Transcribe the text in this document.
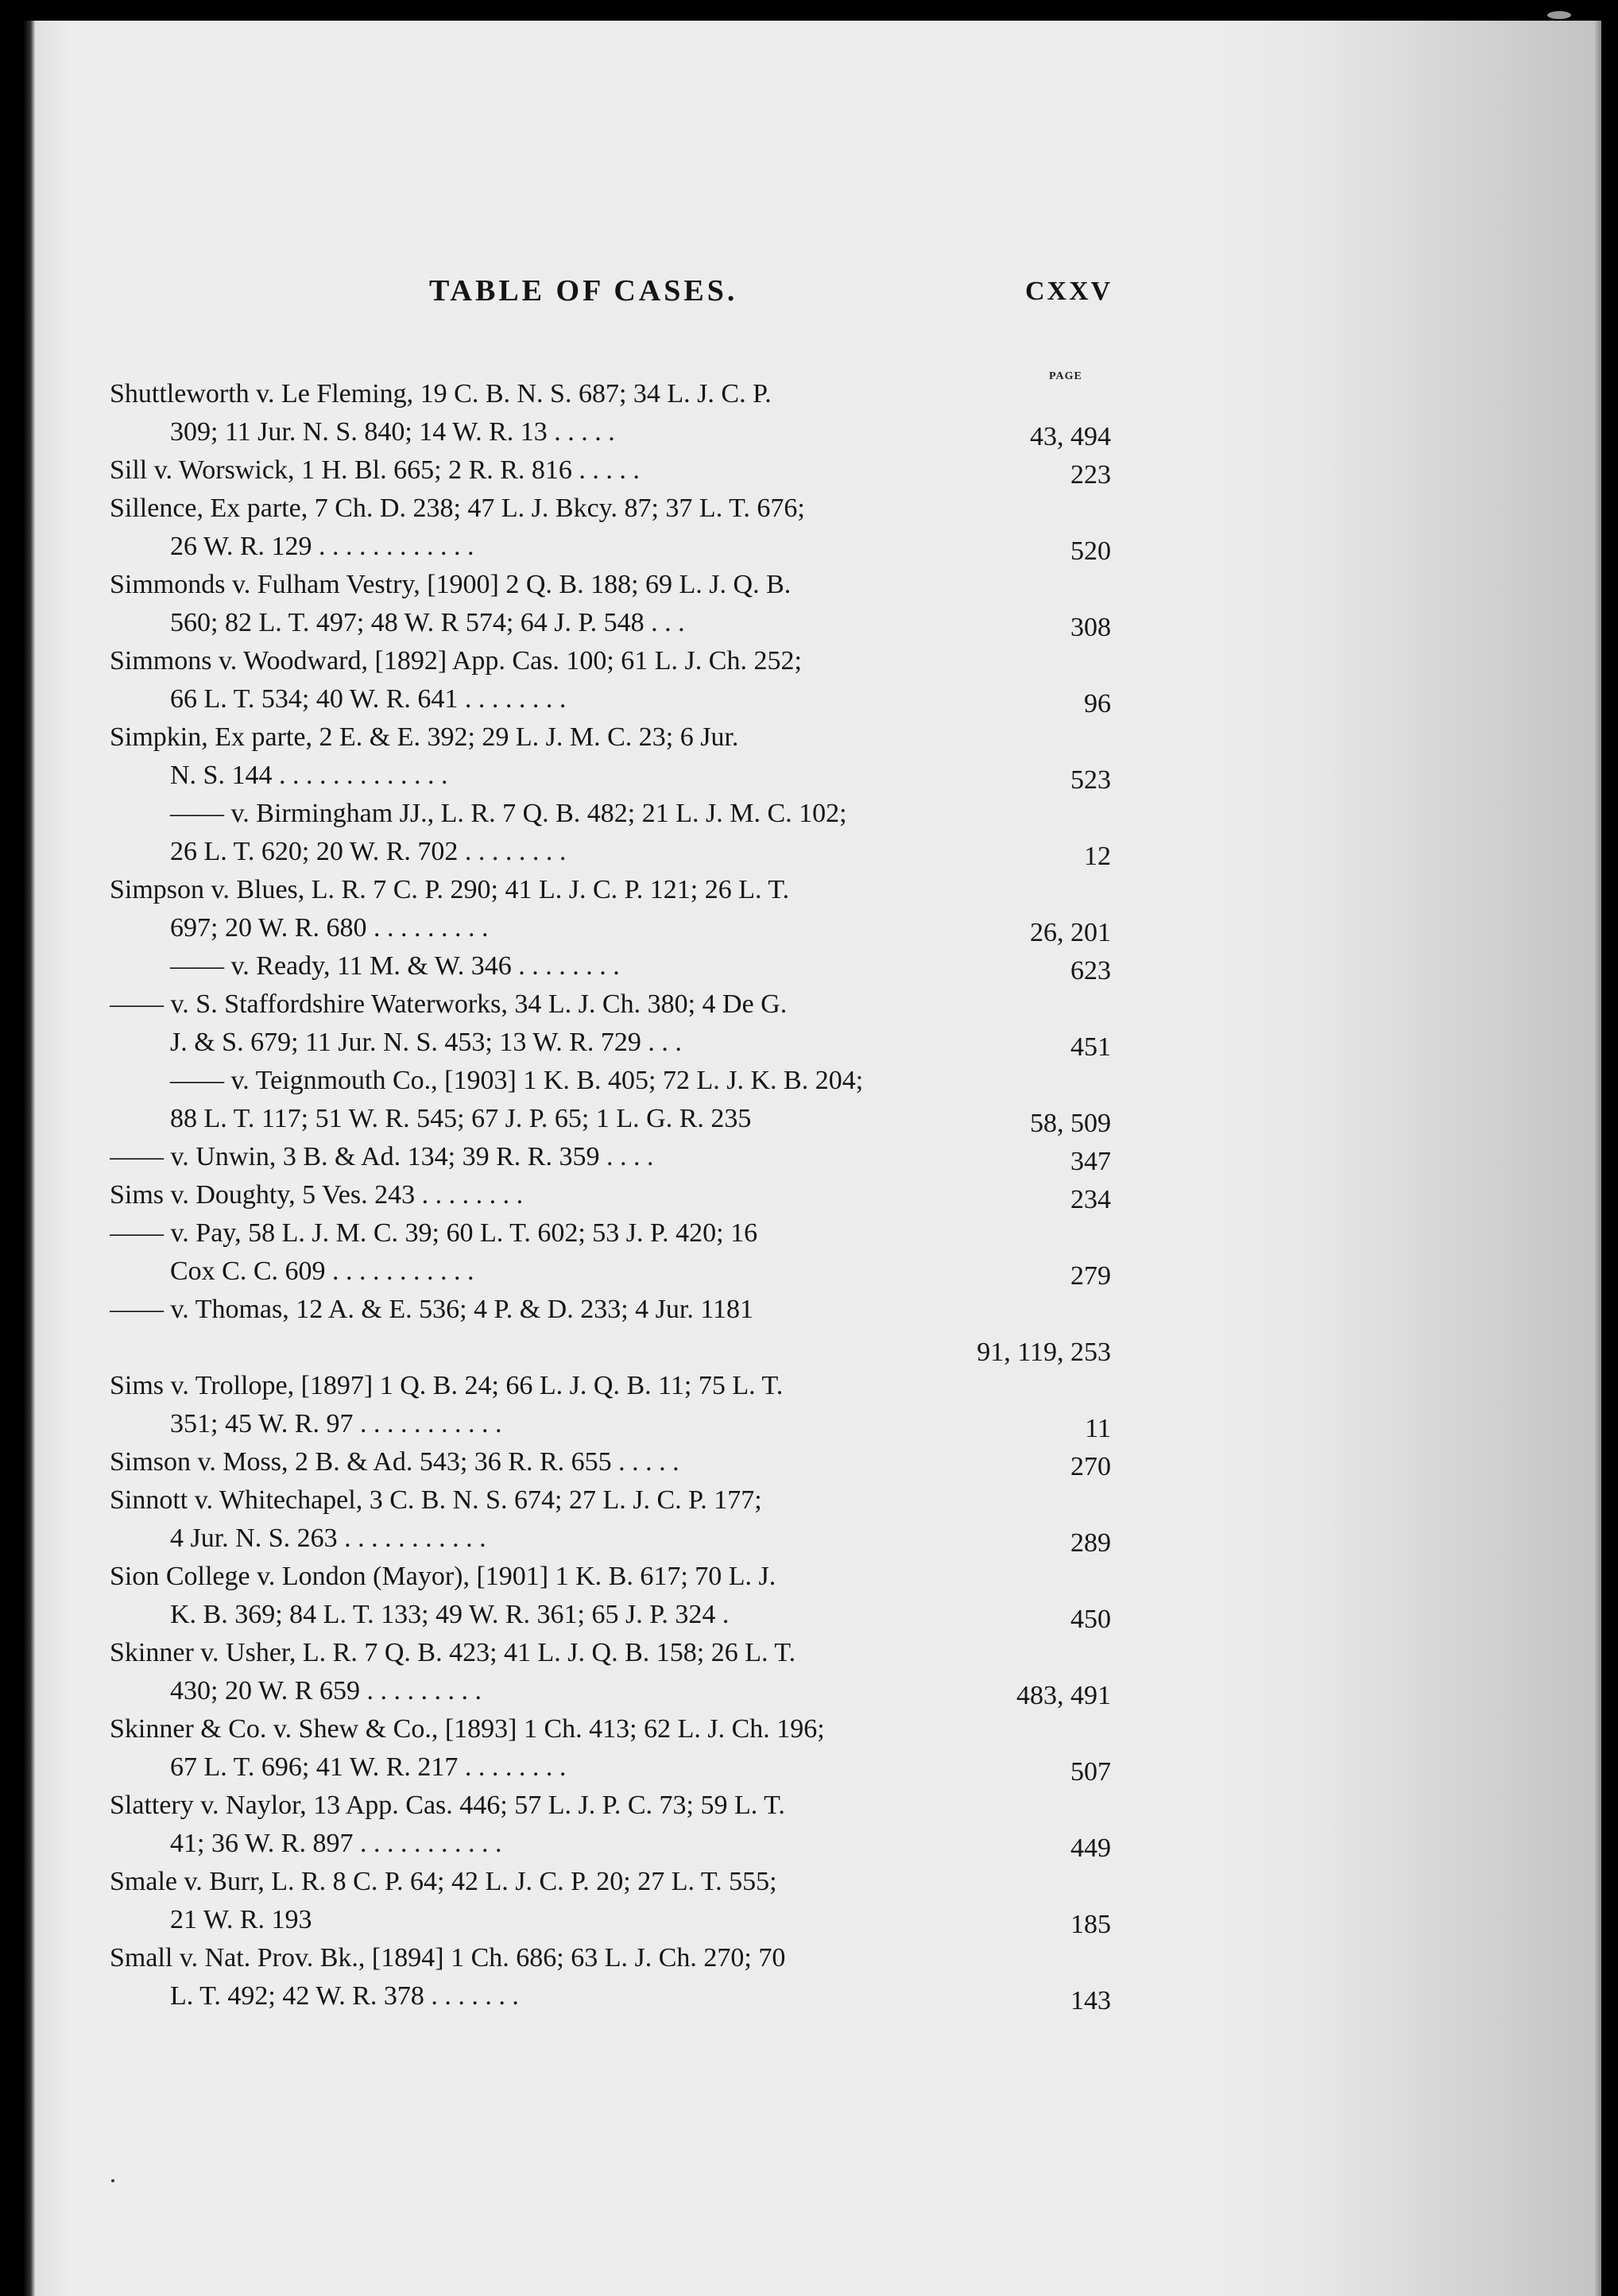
TABLE OF CASES.	CXXV
PAGE
Shuttleworth v. Le Fleming, 19 C. B. N. S. 687; 34 L. J. C. P.
309; 11 Jur. N. S. 840; 14 W. R. 13 . . . . .	43, 494
Sill v. Worswick, 1 H. Bl. 665; 2 R. R. 816 . . . . .	223
Sillence, Ex parte, 7 Ch. D. 238; 47 L. J. Bkcy. 87; 37 L. T. 676;
26 W. R. 129 . . . . . . . . . . . .	520
Simmonds v. Fulham Vestry, [1900] 2 Q. B. 188; 69 L. J. Q. B.
560; 82 L. T. 497; 48 W. R 574; 64 J. P. 548 . . .	308
Simmons v. Woodward, [1892] App. Cas. 100; 61 L. J. Ch. 252;
66 L. T. 534; 40 W. R. 641 . . . . . . . .	96
Simpkin, Ex parte, 2 E. & E. 392; 29 L. J. M. C. 23; 6 Jur.
N. S. 144 . . . . . . . . . . . . .	523
—— v. Birmingham JJ., L. R. 7 Q. B. 482; 21 L. J. M. C. 102;
26 L. T. 620; 20 W. R. 702 . . . . . . . .	12
Simpson v. Blues, L. R. 7 C. P. 290; 41 L. J. C. P. 121; 26 L. T.
697; 20 W. R. 680 . . . . . . . . .	26, 201
—— v. Ready, 11 M. & W. 346 . . . . . . . .	623
—— v. S. Staffordshire Waterworks, 34 L. J. Ch. 380; 4 De G.
J. & S. 679; 11 Jur. N. S. 453; 13 W. R. 729 . . .	451
—— v. Teignmouth Co., [1903] 1 K. B. 405; 72 L. J. K. B. 204;
88 L. T. 117; 51 W. R. 545; 67 J. P. 65; 1 L. G. R. 235	58, 509
—— v. Unwin, 3 B. & Ad. 134; 39 R. R. 359 . . . .	347
Sims v. Doughty, 5 Ves. 243 . . . . . . . .	234
—— v. Pay, 58 L. J. M. C. 39; 60 L. T. 602; 53 J. P. 420; 16
Cox C. C. 609 . . . . . . . . . . .	279
—— v. Thomas, 12 A. & E. 536; 4 P. & D. 233; 4 Jur. 1181
91, 119, 253
Sims v. Trollope, [1897] 1 Q. B. 24; 66 L. J. Q. B. 11; 75 L. T.
351; 45 W. R. 97 . . . . . . . . . . .	11
Simson v. Moss, 2 B. & Ad. 543; 36 R. R. 655 . . . . .	270
Sinnott v. Whitechapel, 3 C. B. N. S. 674; 27 L. J. C. P. 177;
4 Jur. N. S. 263 . . . . . . . . . . .	289
Sion College v. London (Mayor), [1901] 1 K. B. 617; 70 L. J.
K. B. 369; 84 L. T. 133; 49 W. R. 361; 65 J. P. 324 .	450
Skinner v. Usher, L. R. 7 Q. B. 423; 41 L. J. Q. B. 158; 26 L. T.
430; 20 W. R 659 . . . . . . . . .	483, 491
Skinner & Co. v. Shew & Co., [1893] 1 Ch. 413; 62 L. J. Ch. 196;
67 L. T. 696; 41 W. R. 217 . . . . . . . .	507
Slattery v. Naylor, 13 App. Cas. 446; 57 L. J. P. C. 73; 59 L. T.
41; 36 W. R. 897 . . . . . . . . . . .	449
Smale v. Burr, L. R. 8 C. P. 64; 42 L. J. C. P. 20; 27 L. T. 555;
21 W. R. 193	185
Small v. Nat. Prov. Bk., [1894] 1 Ch. 686; 63 L. J. Ch. 270; 70
L. T. 492; 42 W. R. 378 . . . . . . .	143
